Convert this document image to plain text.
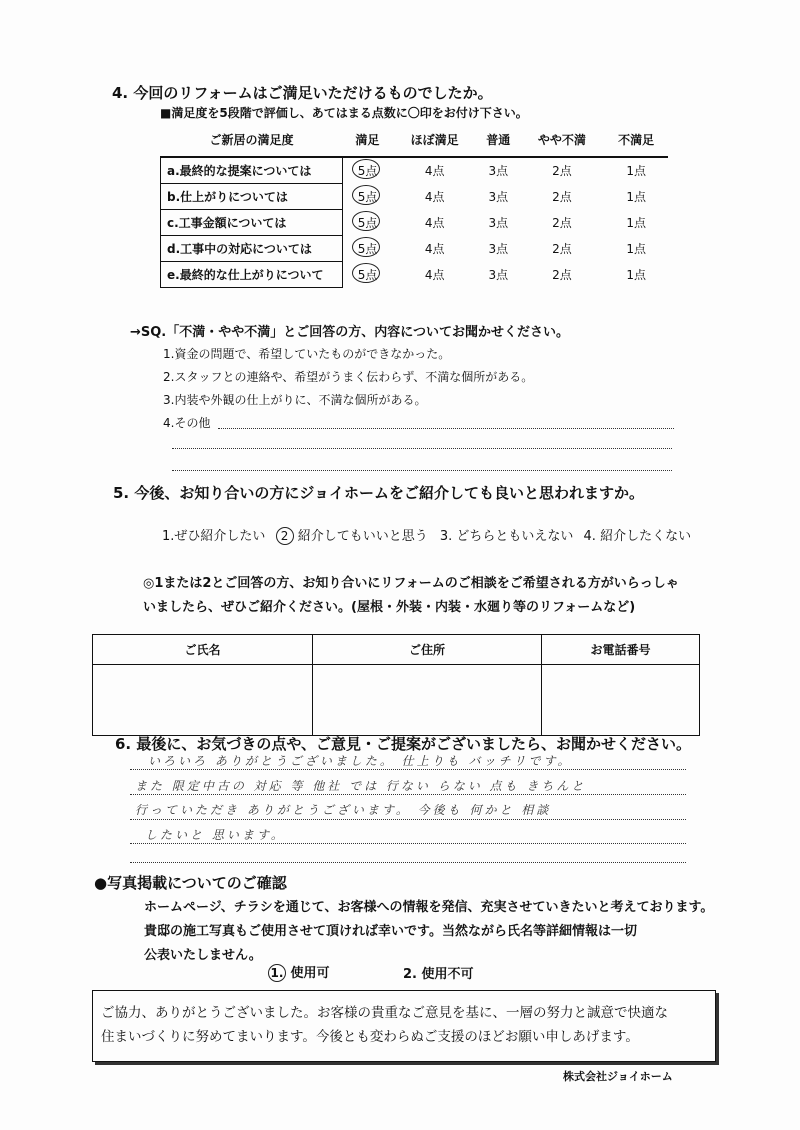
4. 今回のリフォームはご満足いただけるものでしたか。
■満足度を5段階で評価し、あてはまる点数に〇印をお付け下さい。
ご新居の満足度	満足	ほぼ満足	普通	やや不満	不満足
a.最終的な提案については	5点	4点	3点	2点	1点
b.仕上がりについては	5点	4点	3点	2点	1点
c.工事金額については	5点	4点	3点	2点	1点
d.工事中の対応については	5点	4点	3点	2点	1点
e.最終的な仕上がりについて	5点	4点	3点	2点	1点
→SQ.「不満・やや不満」とご回答の方、内容についてお聞かせください。
1.資金の問題で、希望していたものができなかった。
2.スタッフとの連絡や、希望がうまく伝わらず、不満な個所がある。
3.内装や外観の仕上がりに、不満な個所がある。
4.その他
5. 今後、お知り合いの方にジョイホームをご紹介しても良いと思われますか。
1.ぜひ紹介したい 2 紹介してもいいと思う 3. どちらともいえない 4. 紹介したくない
◎1または2とご回答の方、お知り合いにリフォームのご相談をご希望される方がいらっしゃ
いましたら、ぜひご紹介ください。(屋根・外装・内装・水廻り等のリフォームなど)
ご氏名	ご住所	お電話番号

6. 最後に、お気づきの点や、ご意見・ご提案がございましたら、お聞かせください。
いろいろ ありがとうございました。 仕上りも バッチリです。
また 限定中古の 対応 等 他社 では 行ない らない 点も きちんと
行っていただき ありがとうございます。 今後も 何かと 相談
したいと 思います。
●写真掲載についてのご確認
ホームページ、チラシを通じて、お客様への情報を発信、充実させていきたいと考えております。
貴邸の施工写真もご使用させて頂ければ幸いです。当然ながら氏名等詳細情報は一切
公表いたしません。
1. 使用可	2. 使用不可
ご協力、ありがとうございました。お客様の貴重なご意見を基に、一層の努力と誠意で快適な
住まいづくりに努めてまいります。今後とも変わらぬご支援のほどお願い申しあげます。
株式会社ジョイホーム
